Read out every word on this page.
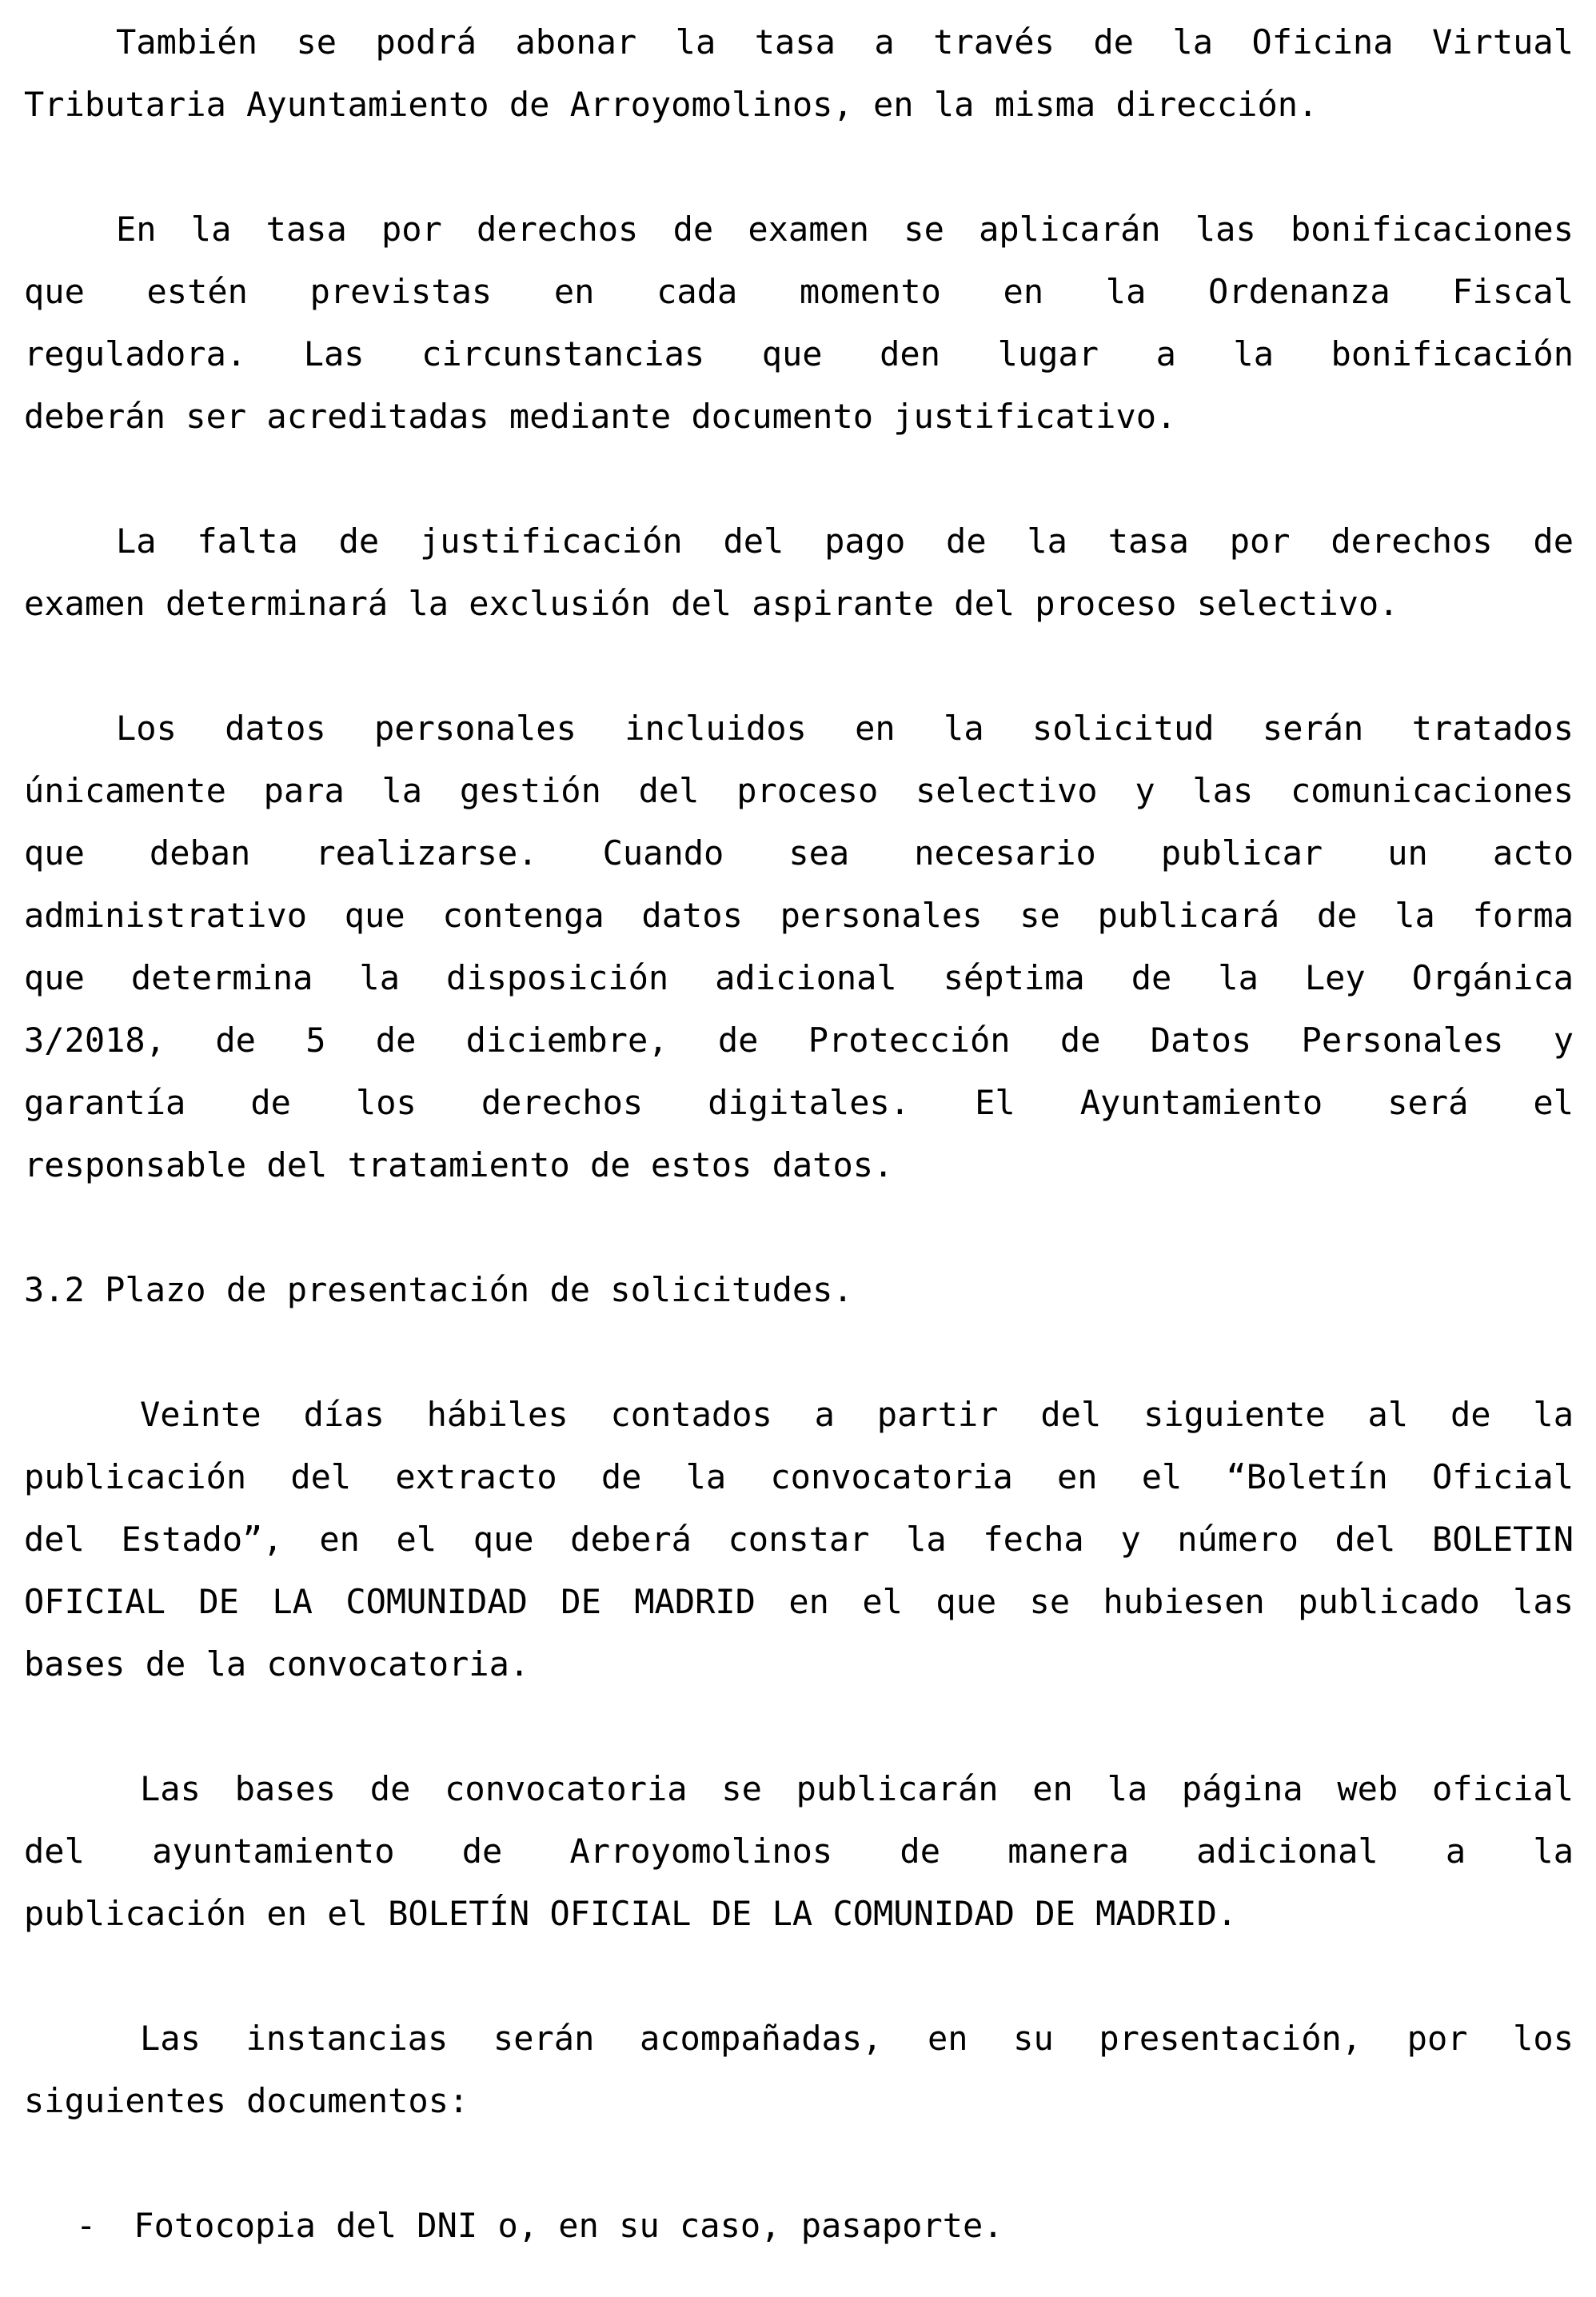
También se podrá abonar la tasa a través de la Oficina Virtual
Tributaria Ayuntamiento de Arroyomolinos, en la misma dirección.

En la tasa por derechos de examen se aplicarán las bonificaciones
que estén previstas en cada momento en la Ordenanza Fiscal
reguladora. Las circunstancias que den lugar a la bonificación
deberán ser acreditadas mediante documento justificativo.

La falta de justificación del pago de la tasa por derechos de
examen determinará la exclusión del aspirante del proceso selectivo.

Los datos personales incluidos en la solicitud serán tratados
únicamente para la gestión del proceso selectivo y las comunicaciones
que deban realizarse. Cuando sea necesario publicar un acto
administrativo que contenga datos personales se publicará de la forma
que determina la disposición adicional séptima de la Ley Orgánica
3/2018, de 5 de diciembre, de Protección de Datos Personales y
garantía de los derechos digitales. El Ayuntamiento será el
responsable del tratamiento de estos datos.

3.2 Plazo de presentación de solicitudes.

Veinte días hábiles contados a partir del siguiente al de la
publicación del extracto de la convocatoria en el “Boletín Oficial
del Estado”, en el que deberá constar la fecha y número del BOLETIN
OFICIAL DE LA COMUNIDAD DE MADRID en el que se hubiesen publicado las
bases de la convocatoria.

Las bases de convocatoria se publicarán en la página web oficial
del ayuntamiento de Arroyomolinos de manera adicional a la
publicación en el BOLETÍN OFICIAL DE LA COMUNIDAD DE MADRID.

Las instancias serán acompañadas, en su presentación, por los
siguientes documentos:

- Fotocopia del DNI o, en su caso, pasaporte.
